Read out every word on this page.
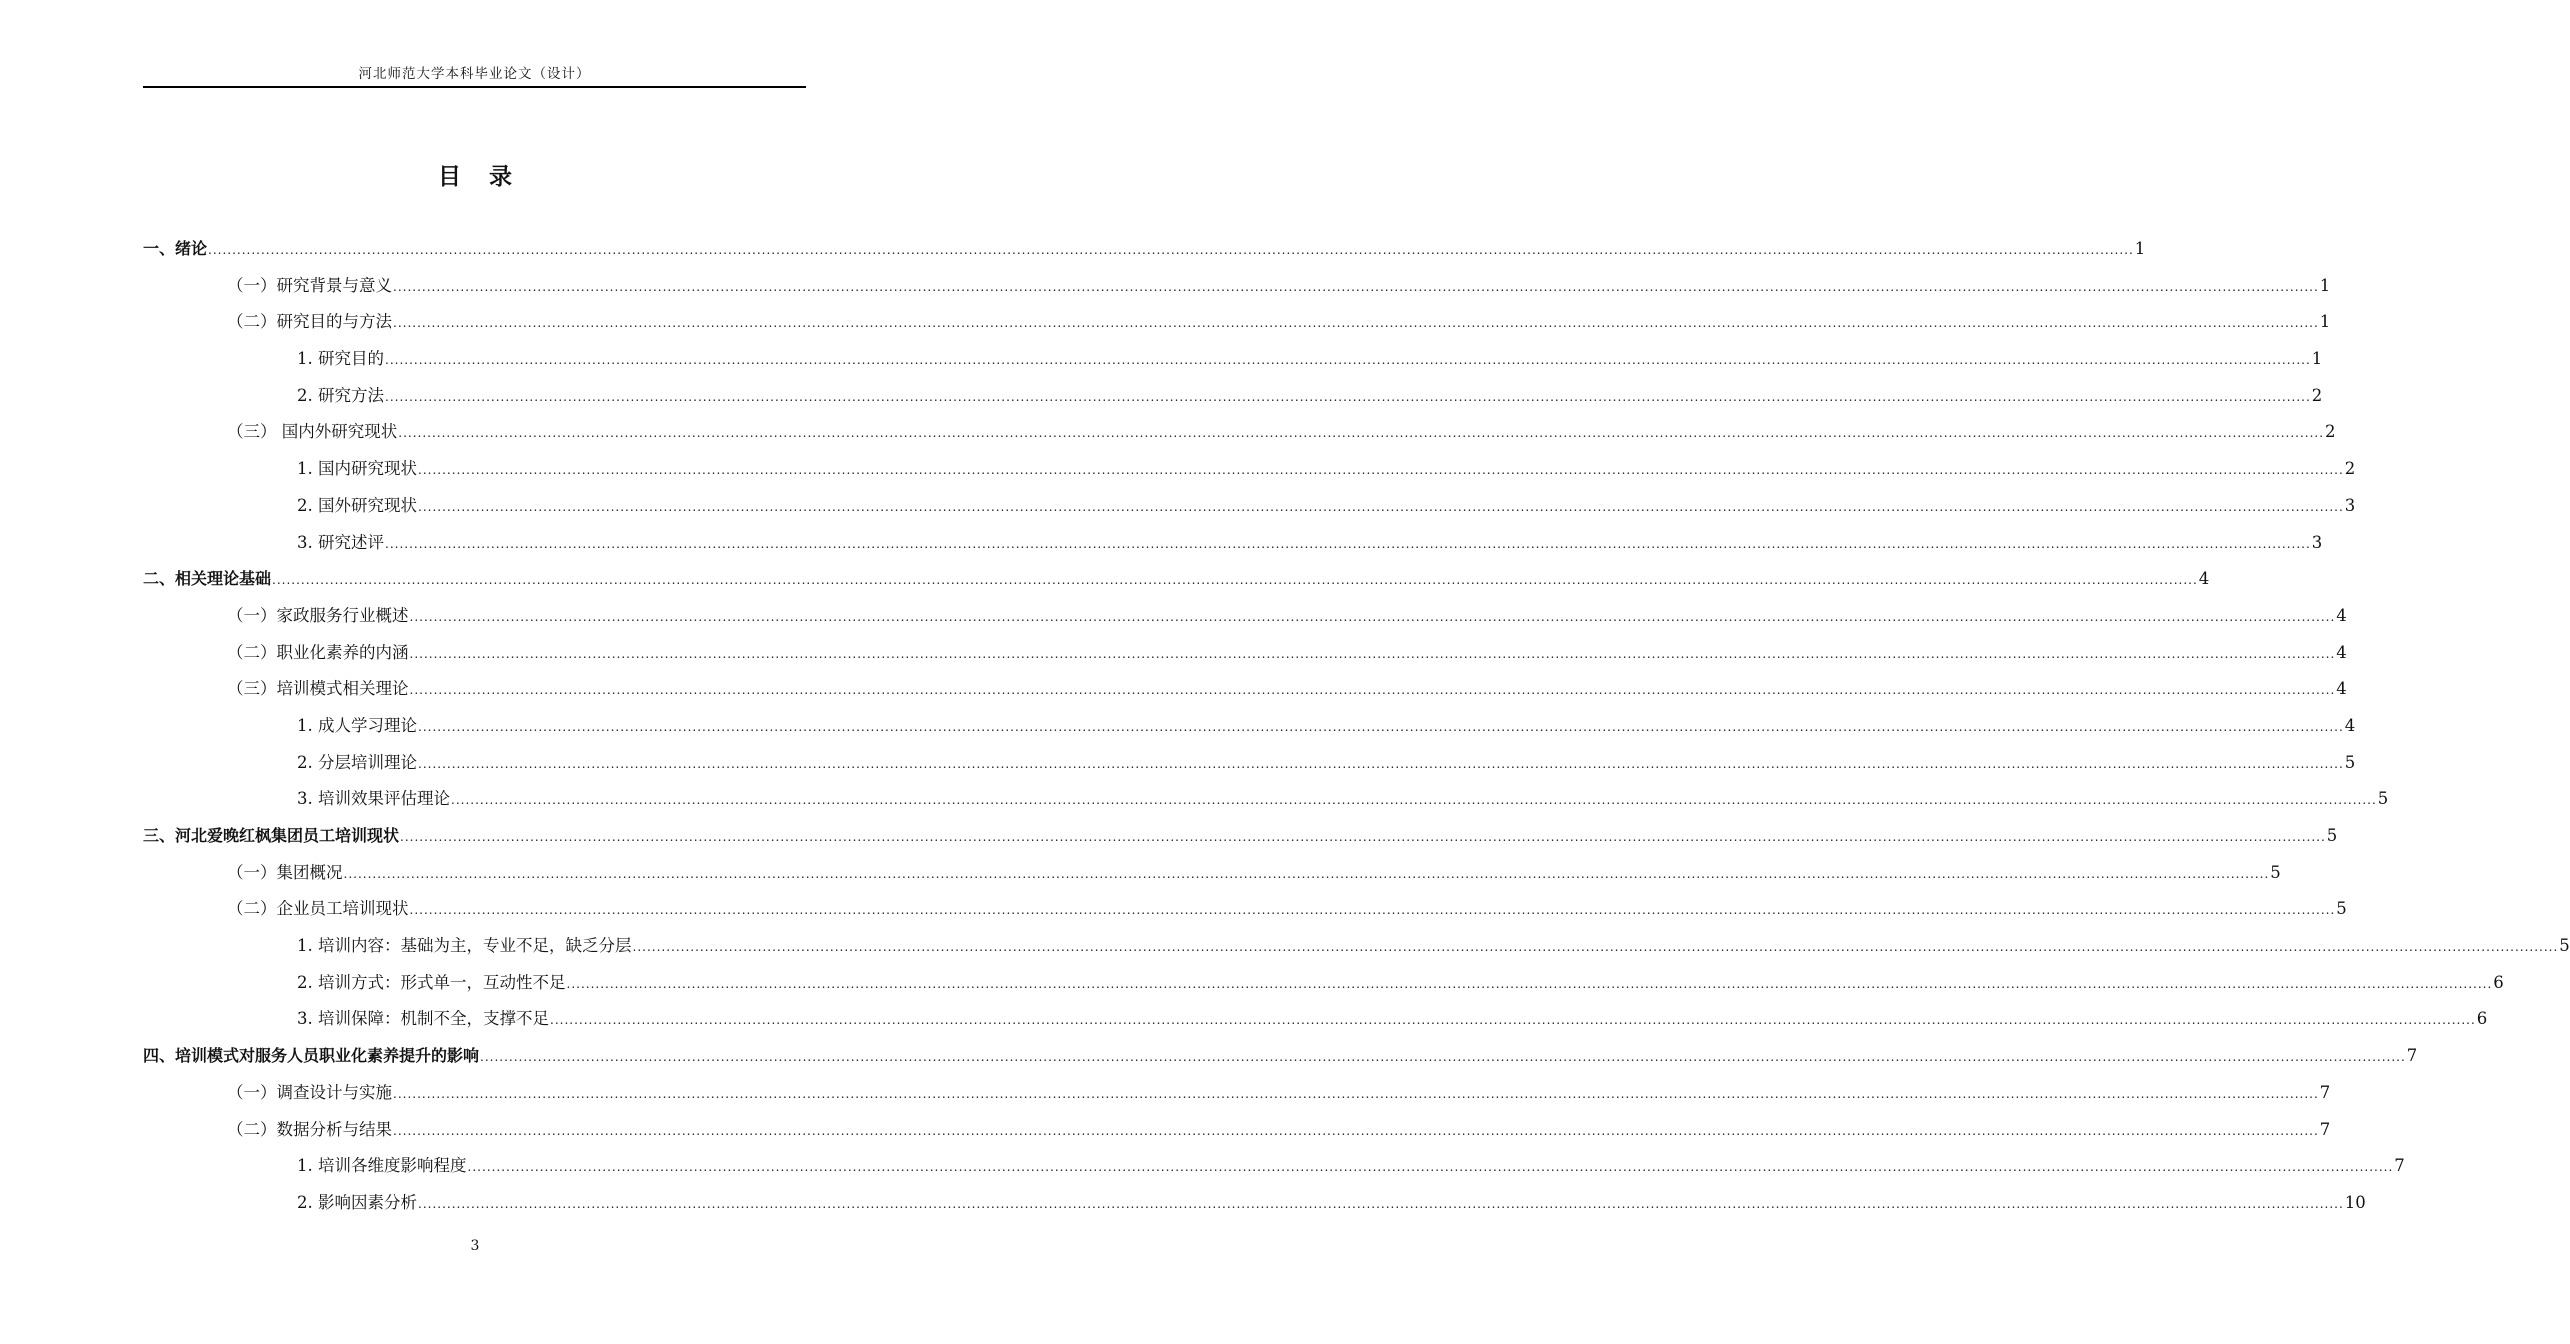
河北师范大学本科毕业论文（设计）
目 录
一、绪论 ................................................................................................................................................................................................................................................................................................................................................................................................................ 1
（一）研究背景与意义 ................................................................................................................................................................................................................................................................................................................................................................................................................ 1
（二）研究目的与方法 ................................................................................................................................................................................................................................................................................................................................................................................................................ 1
1. 研究目的 ................................................................................................................................................................................................................................................................................................................................................................................................................ 1
2. 研究方法 ................................................................................................................................................................................................................................................................................................................................................................................................................ 2
（三） 国内外研究现状 ................................................................................................................................................................................................................................................................................................................................................................................................................ 2
1. 国内研究现状 ................................................................................................................................................................................................................................................................................................................................................................................................................ 2
2. 国外研究现状 ................................................................................................................................................................................................................................................................................................................................................................................................................ 3
3. 研究述评 ................................................................................................................................................................................................................................................................................................................................................................................................................ 3
二、相关理论基础 ................................................................................................................................................................................................................................................................................................................................................................................................................ 4
（一）家政服务行业概述 ................................................................................................................................................................................................................................................................................................................................................................................................................ 4
（二）职业化素养的内涵 ................................................................................................................................................................................................................................................................................................................................................................................................................ 4
（三）培训模式相关理论 ................................................................................................................................................................................................................................................................................................................................................................................................................ 4
1. 成人学习理论 ................................................................................................................................................................................................................................................................................................................................................................................................................ 4
2. 分层培训理论 ................................................................................................................................................................................................................................................................................................................................................................................................................ 5
3. 培训效果评估理论 ................................................................................................................................................................................................................................................................................................................................................................................................................ 5
三、河北爱晚红枫集团员工培训现状 ................................................................................................................................................................................................................................................................................................................................................................................................................ 5
（一）集团概况 ................................................................................................................................................................................................................................................................................................................................................................................................................ 5
（二）企业员工培训现状 ................................................................................................................................................................................................................................................................................................................................................................................................................ 5
1. 培训内容：基础为主，专业不足，缺乏分层 ................................................................................................................................................................................................................................................................................................................................................................................................................ 5
2. 培训方式：形式单一，互动性不足 ................................................................................................................................................................................................................................................................................................................................................................................................................ 6
3. 培训保障：机制不全，支撑不足 ................................................................................................................................................................................................................................................................................................................................................................................................................ 6
四、培训模式对服务人员职业化素养提升的影响 ................................................................................................................................................................................................................................................................................................................................................................................................................ 7
（一）调查设计与实施 ................................................................................................................................................................................................................................................................................................................................................................................................................ 7
（二）数据分析与结果 ................................................................................................................................................................................................................................................................................................................................................................................................................ 7
1. 培训各维度影响程度 ................................................................................................................................................................................................................................................................................................................................................................................................................ 7
2. 影响因素分析 ................................................................................................................................................................................................................................................................................................................................................................................................................ 10
3
